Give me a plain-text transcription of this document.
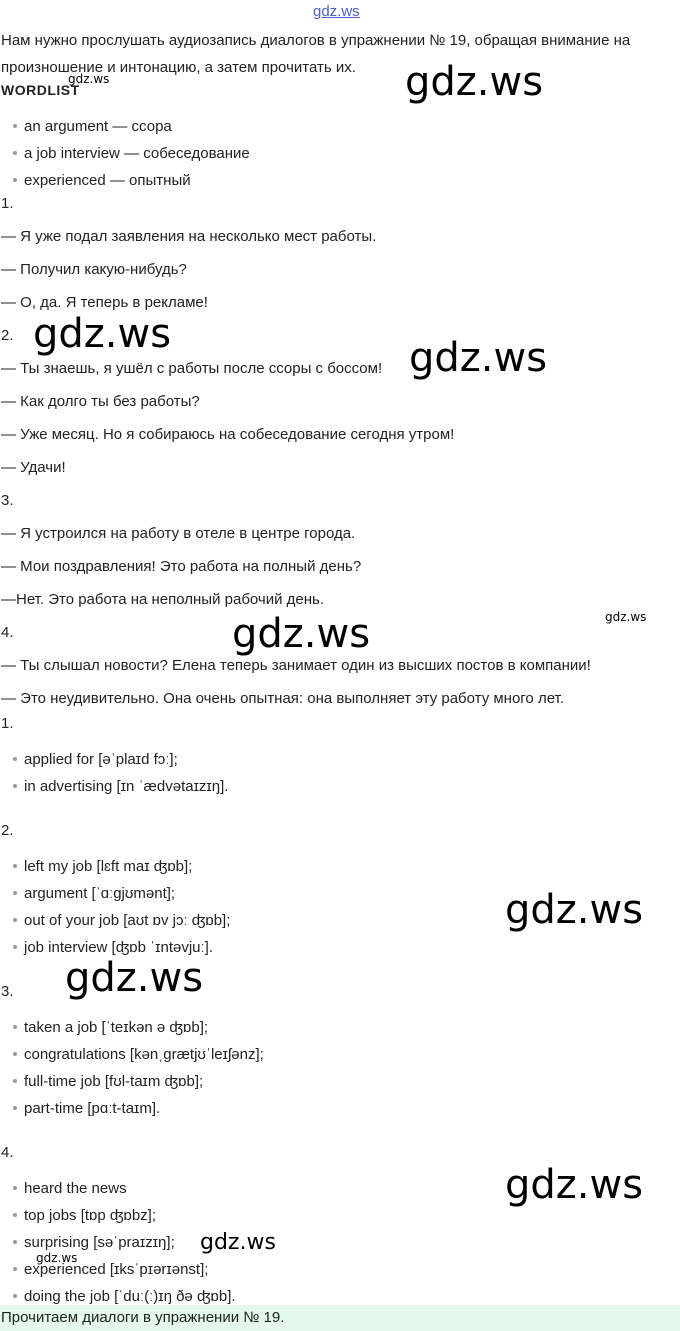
gdz.ws
Нам нужно прослушать аудиозапись диалогов в упражнении № 19, обращая внимание на произношение и интонацию, а затем прочитать их.
WORDLIST
an argument — ссора
a job interview — собеседование
experienced — опытный
1.
— Я уже подал заявления на несколько мест работы.
— Получил какую-нибудь?
— О, да. Я теперь в рекламе!
2.
— Ты знаешь, я ушёл с работы после ссоры с боссом!
— Как долго ты без работы?
— Уже месяц. Но я собираюсь на собеседование сегодня утром!
— Удачи!
3.
— Я устроился на работу в отеле в центре города.
— Мои поздравления! Это работа на полный день?
—Нет. Это работа на неполный рабочий день.
4.
— Ты слышал новости? Елена теперь занимает один из высших постов в компании!
— Это неудивительно. Она очень опытная: она выполняет эту работу много лет.
1.
applied for [əˈplaɪd fɔː];
in advertising [ɪn ˈædvətaɪzɪŋ].
2.
left my job [lɛft maɪ ʤɒb];
argument [ˈɑːgjʊmənt];
out of your job [aʊt ɒv jɔː ʤɒb];
job interview [ʤɒb ˈɪntəvjuː].
3.
taken a job [ˈteɪkən ə ʤɒb];
congratulations [kənˌgrætjʊˈleɪʃənz];
full-time job [fʊl-taɪm ʤɒb];
part-time [pɑːt-taɪm].
4.
heard the news
top jobs [tɒp ʤɒbz];
surprising [səˈpraɪzɪŋ];
experienced [ɪksˈpɪərɪənst];
doing the job [ˈduː(ː)ɪŋ ðə ʤɒb].
Прочитаем диалоги в упражнении № 19.
gdz.ws
gdz.ws
gdz.ws
gdz.ws
gdz.ws	gdz.ws
gdz.ws
gdz.ws
gdz.ws
gdz.ws
gdz.ws
